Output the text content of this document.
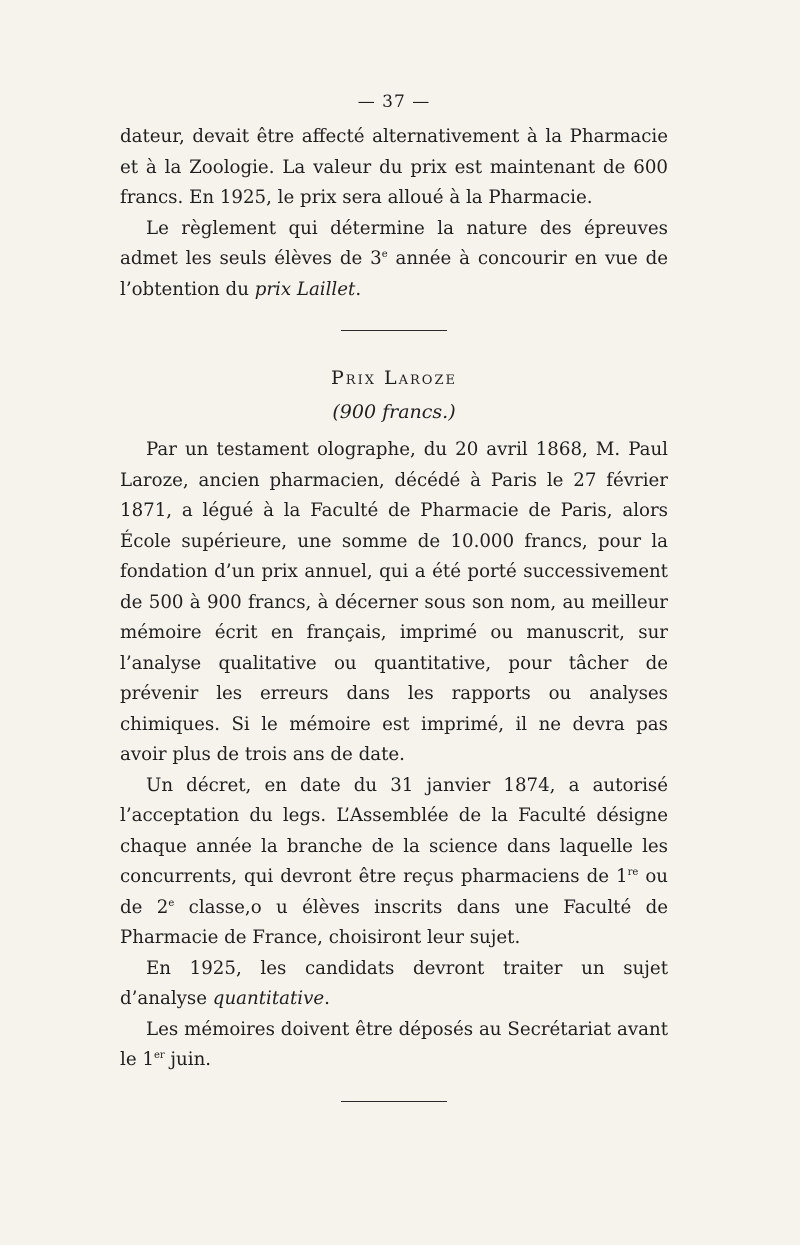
— 37 —

dateur, devait être affecté alternativement à la Pharmacie et à la Zoologie. La valeur du prix est maintenant de 600 francs. En 1925, le prix sera alloué à la Pharmacie.

Le règlement qui détermine la nature des épreuves admet les seuls élèves de 3e année à concourir en vue de l’obtention du prix Laillet.

Prix Laroze
(900 francs.)

Par un testament olographe, du 20 avril 1868, M. Paul Laroze, ancien pharmacien, décédé à Paris le 27 février 1871, a légué à la Faculté de Pharmacie de Paris, alors École supérieure, une somme de 10.000 francs, pour la fondation d’un prix annuel, qui a été porté successivement de 500 à 900 francs, à décerner sous son nom, au meilleur mémoire écrit en français, imprimé ou manuscrit, sur l’analyse qualitative ou quantitative, pour tâcher de prévenir les erreurs dans les rapports ou analyses chimiques. Si le mémoire est imprimé, il ne devra pas avoir plus de trois ans de date.

Un décret, en date du 31 janvier 1874, a autorisé l’acceptation du legs. L’Assemblée de la Faculté désigne chaque année la branche de la science dans laquelle les concurrents, qui devront être reçus pharmaciens de 1re ou de 2e classe,o u élèves inscrits dans une Faculté de Pharmacie de France, choisiront leur sujet.

En 1925, les candidats devront traiter un sujet d’analyse quantitative.

Les mémoires doivent être déposés au Secrétariat avant le 1er juin.
